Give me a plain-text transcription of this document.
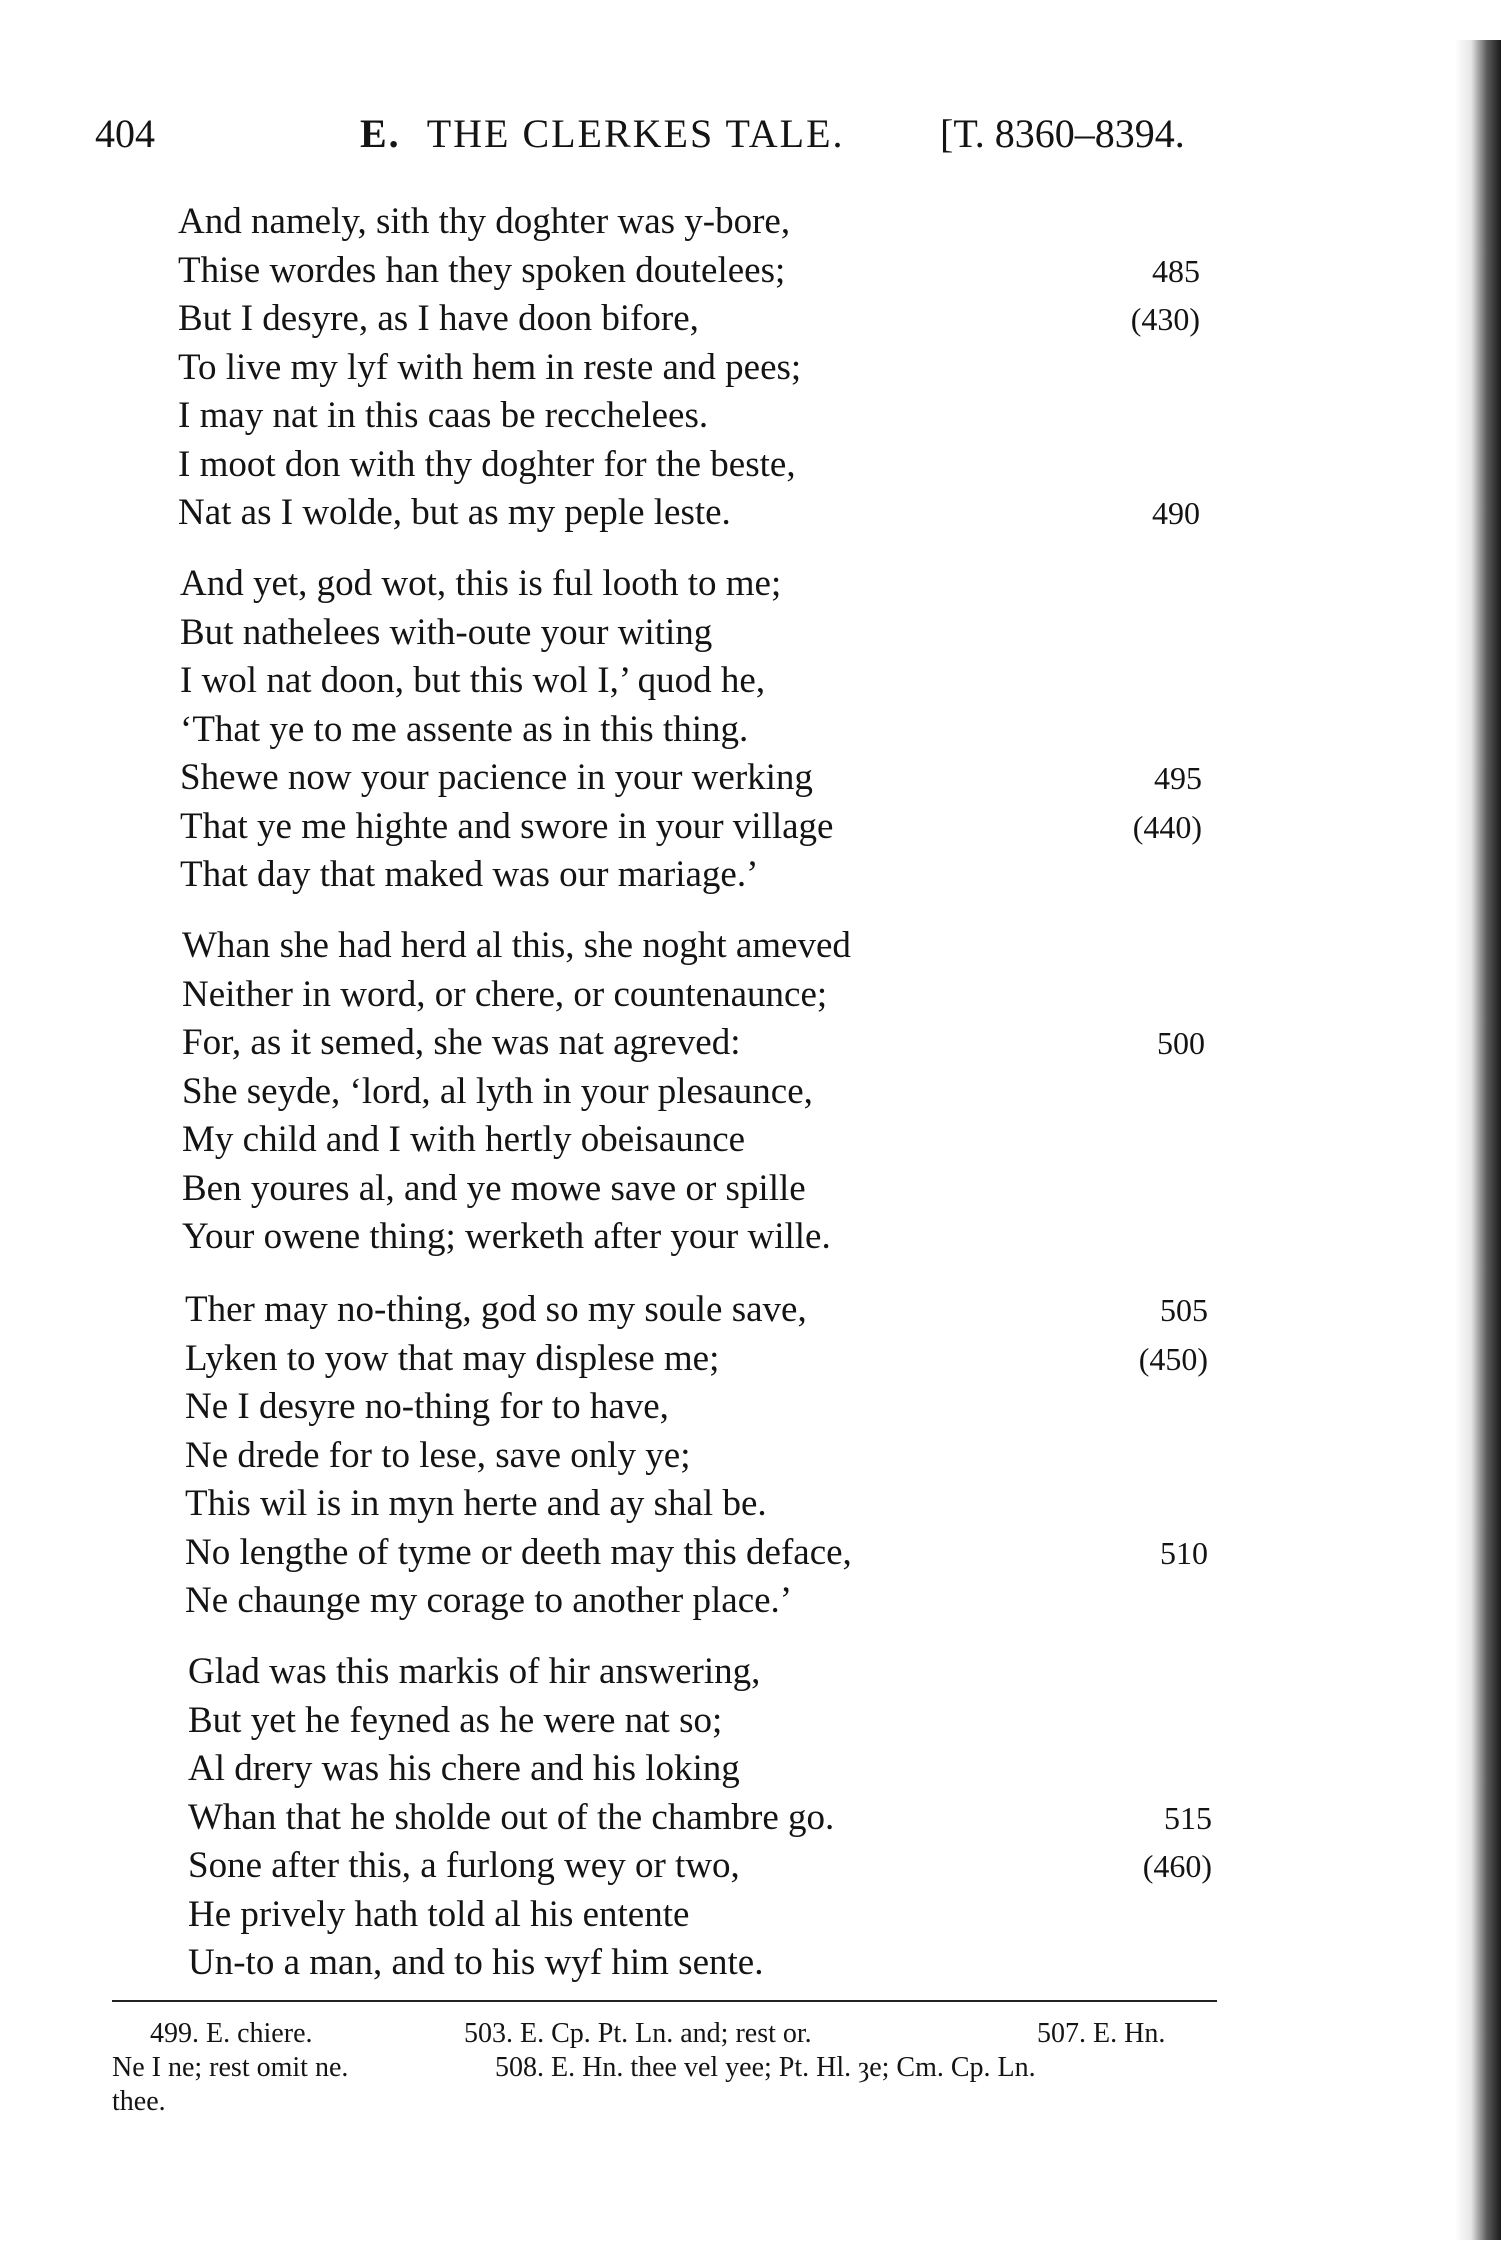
404	E. THE CLERKES TALE. [T. 8360–8394.
And namely, sith thy doghter was y-bore,
Thise wordes han they spoken doutelees;	485
But I desyre, as I have doon bifore,	(430)
To live my lyf with hem in reste and pees;
I may nat in this caas be recchelees.
I moot don with thy doghter for the beste,
Nat as I wolde, but as my peple leste.	490
And yet, god wot, this is ful looth to me;
But nathelees with-oute your witing
I wol nat doon, but this wol I,’ quod he,
‘That ye to me assente as in this thing.
Shewe now your pacience in your werking	495
That ye me highte and swore in your village	(440)
That day that maked was our mariage.’
Whan she had herd al this, she noght ameved
Neither in word, or chere, or countenaunce;
For, as it semed, she was nat agreved:	500
She seyde, ‘lord, al lyth in your plesaunce,
My child and I with hertly obeisaunce
Ben youres al, and ye mowe save or spille
Your owene thing; werketh after your wille.
Ther may no-thing, god so my soule save,	505
Lyken to yow that may displese me;	(450)
Ne I desyre no-thing for to have,
Ne drede for to lese, save only ye;
This wil is in myn herte and ay shal be.
No lengthe of tyme or deeth may this deface,	510
Ne chaunge my corage to another place.’
Glad was this markis of hir answering,
But yet he feyned as he were nat so;
Al drery was his chere and his loking
Whan that he sholde out of the chambre go.	515
Sone after this, a furlong wey or two,	(460)
He prively hath told al his entente
Un-to a man, and to his wyf him sente.
499. E. chiere.	503. E. Cp. Pt. Ln. and; rest or.	507. E. Hn.
Ne I ne; rest omit ne.	508. E. Hn. thee vel yee; Pt. Hl. ȝe; Cm. Cp. Ln.
thee.
